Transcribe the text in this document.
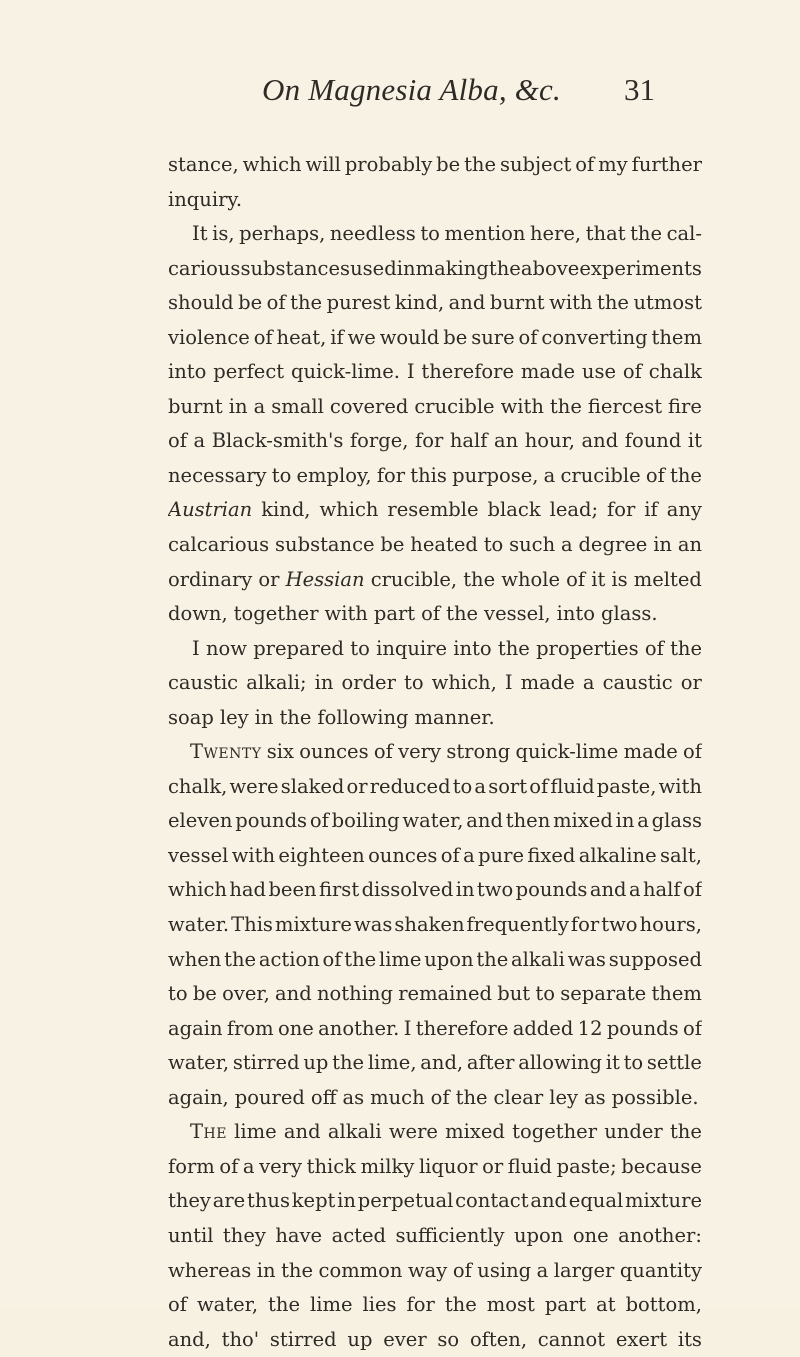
On Magnesia Alba, &c. 31
stance, which will probably be the subject of my further
inquiry.
It is, perhaps, needless to mention here, that the cal-
carious substances used in making the above experiments
should be of the purest kind, and burnt with the utmost
violence of heat, if we would be sure of converting them
into perfect quick-lime. I therefore made use of chalk
burnt in a small covered crucible with the fiercest fire
of a Black-smith's forge, for half an hour, and found it
necessary to employ, for this purpose, a crucible of the
Austrian kind, which resemble black lead; for if any
calcarious substance be heated to such a degree in an
ordinary or Hessian crucible, the whole of it is melted
down, together with part of the vessel, into glass.
I now prepared to inquire into the properties of the
caustic alkali; in order to which, I made a caustic or
soap ley in the following manner.
Twenty six ounces of very strong quick-lime made of
chalk, were slaked or reduced to a sort of fluid paste, with
eleven pounds of boiling water, and then mixed in a glass
vessel with eighteen ounces of a pure fixed alkaline salt,
which had been first dissolved in two pounds and a half of
water. This mixture was shaken frequently for two hours,
when the action of the lime upon the alkali was supposed
to be over, and nothing remained but to separate them
again from one another. I therefore added 12 pounds of
water, stirred up the lime, and, after allowing it to settle
again, poured off as much of the clear ley as possible.
The lime and alkali were mixed together under the
form of a very thick milky liquor or fluid paste; because
they are thus kept in perpetual contact and equal mixture
until they have acted sufficiently upon one another:
whereas in the common way of using a larger quantity
of water, the lime lies for the most part at bottom,
and, tho' stirred up ever so often, cannot exert its
